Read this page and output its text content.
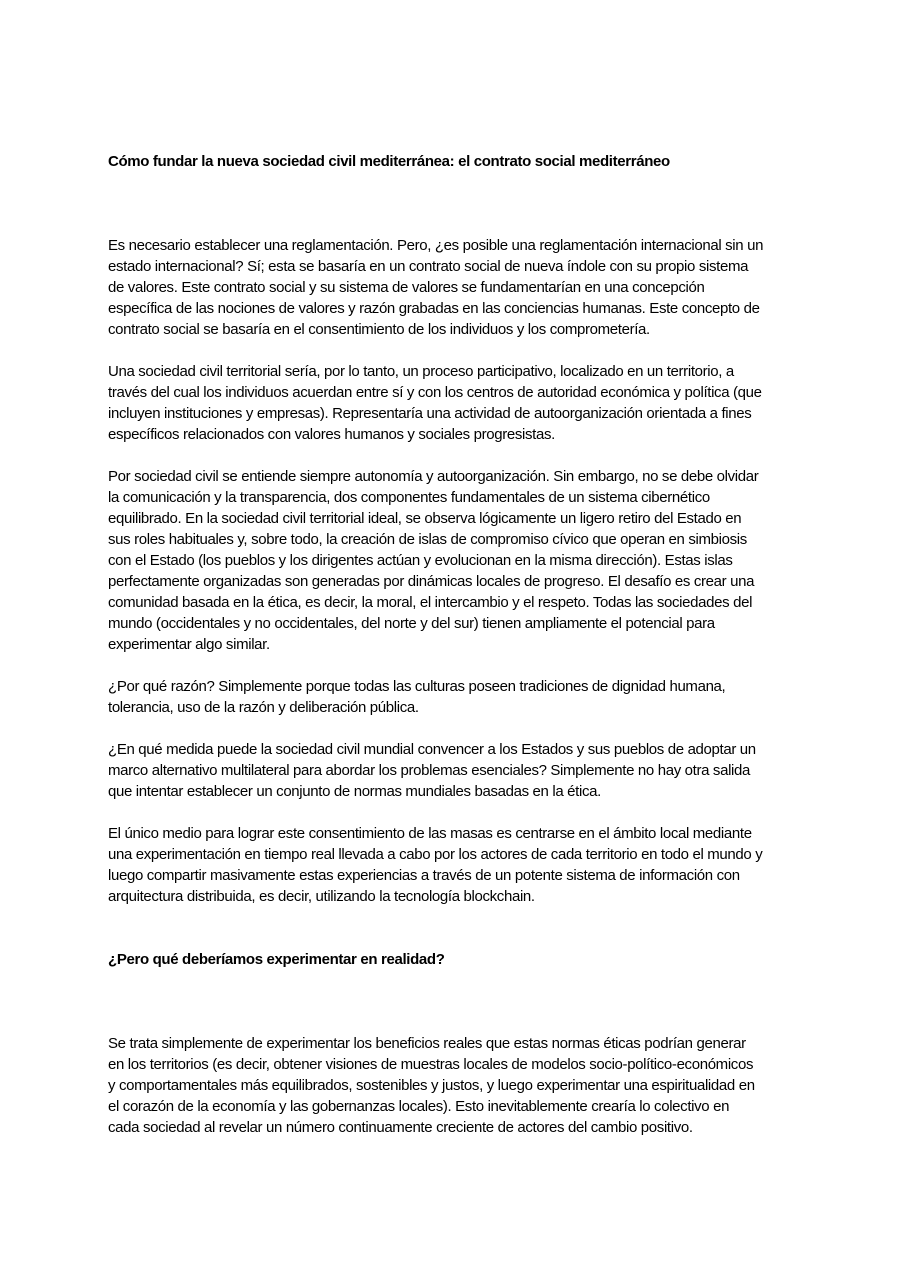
Cómo fundar la nueva sociedad civil mediterránea: el contrato social mediterráneo

Es necesario establecer una reglamentación. Pero, ¿es posible una reglamentación internacional sin un
estado internacional? Sí; esta se basaría en un contrato social de nueva índole con su propio sistema
de valores. Este contrato social y su sistema de valores se fundamentarían en una concepción
específica de las nociones de valores y razón grabadas en las conciencias humanas. Este concepto de
contrato social se basaría en el consentimiento de los individuos y los comprometería.

Una sociedad civil territorial sería, por lo tanto, un proceso participativo, localizado en un territorio, a
través del cual los individuos acuerdan entre sí y con los centros de autoridad económica y política (que
incluyen instituciones y empresas). Representaría una actividad de autoorganización orientada a fines
específicos relacionados con valores humanos y sociales progresistas.

Por sociedad civil se entiende siempre autonomía y autoorganización. Sin embargo, no se debe olvidar
la comunicación y la transparencia, dos componentes fundamentales de un sistema cibernético
equilibrado. En la sociedad civil territorial ideal, se observa lógicamente un ligero retiro del Estado en
sus roles habituales y, sobre todo, la creación de islas de compromiso cívico que operan en simbiosis
con el Estado (los pueblos y los dirigentes actúan y evolucionan en la misma dirección). Estas islas
perfectamente organizadas son generadas por dinámicas locales de progreso. El desafío es crear una
comunidad basada en la ética, es decir, la moral, el intercambio y el respeto. Todas las sociedades del
mundo (occidentales y no occidentales, del norte y del sur) tienen ampliamente el potencial para
experimentar algo similar.

¿Por qué razón? Simplemente porque todas las culturas poseen tradiciones de dignidad humana,
tolerancia, uso de la razón y deliberación pública.

¿En qué medida puede la sociedad civil mundial convencer a los Estados y sus pueblos de adoptar un
marco alternativo multilateral para abordar los problemas esenciales? Simplemente no hay otra salida
que intentar establecer un conjunto de normas mundiales basadas en la ética.

El único medio para lograr este consentimiento de las masas es centrarse en el ámbito local mediante
una experimentación en tiempo real llevada a cabo por los actores de cada territorio en todo el mundo y
luego compartir masivamente estas experiencias a través de un potente sistema de información con
arquitectura distribuida, es decir, utilizando la tecnología blockchain.

¿Pero qué deberíamos experimentar en realidad?

Se trata simplemente de experimentar los beneficios reales que estas normas éticas podrían generar
en los territorios (es decir, obtener visiones de muestras locales de modelos socio-político-económicos
y comportamentales más equilibrados, sostenibles y justos, y luego experimentar una espiritualidad en
el corazón de la economía y las gobernanzas locales). Esto inevitablemente crearía lo colectivo en
cada sociedad al revelar un número continuamente creciente de actores del cambio positivo.
